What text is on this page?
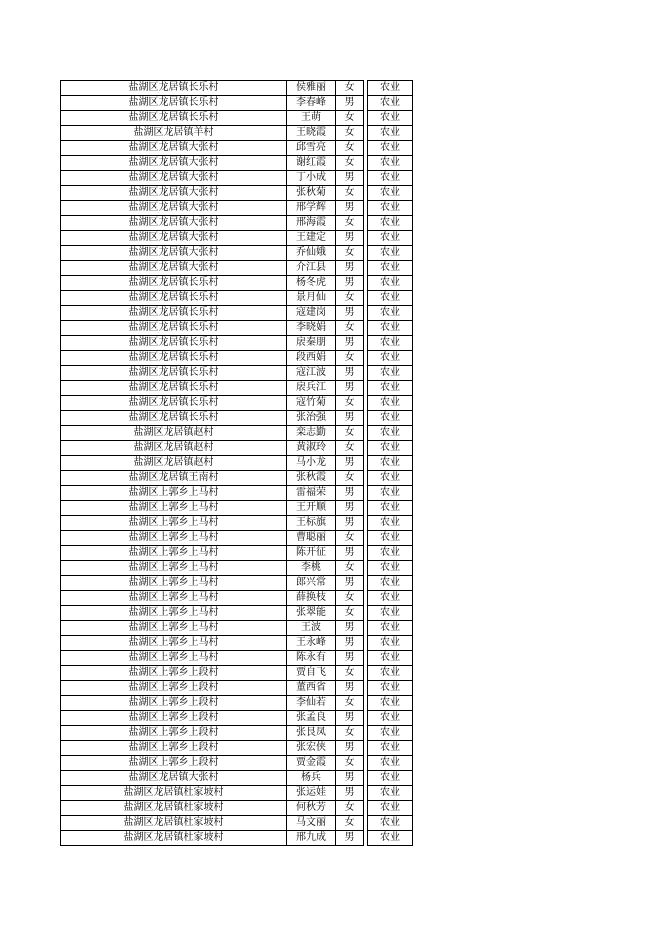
盐湖区龙居镇长乐村	侯雅丽	女		农业
盐湖区龙居镇长乐村	李春峰	男		农业
盐湖区龙居镇长乐村	王萌	女		农业
盐湖区龙居镇羊村	王晓霞	女		农业
盐湖区龙居镇大张村	邱雪亮	女		农业
盐湖区龙居镇大张村	谢红霞	女		农业
盐湖区龙居镇大张村	丁小成	男		农业
盐湖区龙居镇大张村	张秋菊	女		农业
盐湖区龙居镇大张村	邢学辉	男		农业
盐湖区龙居镇大张村	邢海霞	女		农业
盐湖区龙居镇大张村	王建定	男		农业
盐湖区龙居镇大张村	乔仙娥	女		农业
盐湖区龙居镇大张村	介江县	男		农业
盐湖区龙居镇长乐村	杨冬虎	男		农业
盐湖区龙居镇长乐村	景月仙	女		农业
盐湖区龙居镇长乐村	寇建岗	男		农业
盐湖区龙居镇长乐村	李晓娟	女		农业
盐湖区龙居镇长乐村	扆秦朋	男		农业
盐湖区龙居镇长乐村	段西娟	女		农业
盐湖区龙居镇长乐村	寇江波	男		农业
盐湖区龙居镇长乐村	扆兵江	男		农业
盐湖区龙居镇长乐村	寇竹菊	女		农业
盐湖区龙居镇长乐村	张治强	男		农业
盐湖区龙居镇赵村	栾志勤	女		农业
盐湖区龙居镇赵村	黄淑玲	女		农业
盐湖区龙居镇赵村	马小龙	男		农业
盐湖区龙居镇王南村	张秋霞	女		农业
盐湖区上郭乡上马村	雷福荣	男		农业
盐湖区上郭乡上马村	王开顺	男		农业
盐湖区上郭乡上马村	王标旗	男		农业
盐湖区上郭乡上马村	曹聪丽	女		农业
盐湖区上郭乡上马村	陈开征	男		农业
盐湖区上郭乡上马村	李桃	女		农业
盐湖区上郭乡上马村	郎兴常	男		农业
盐湖区上郭乡上马村	薛换枝	女		农业
盐湖区上郭乡上马村	张翠能	女		农业
盐湖区上郭乡上马村	王波	男		农业
盐湖区上郭乡上马村	王永峰	男		农业
盐湖区上郭乡上马村	陈永有	男		农业
盐湖区上郭乡上段村	贾自飞	女		农业
盐湖区上郭乡上段村	董西省	男		农业
盐湖区上郭乡上段村	李仙若	女		农业
盐湖区上郭乡上段村	张孟良	男		农业
盐湖区上郭乡上段村	张艮凤	女		农业
盐湖区上郭乡上段村	张宏侠	男		农业
盐湖区上郭乡上段村	贾金霞	女		农业
盐湖区龙居镇大张村	杨兵	男		农业
盐湖区龙居镇杜家坡村	张运娃	男		农业
盐湖区龙居镇杜家坡村	何秋芳	女		农业
盐湖区龙居镇杜家坡村	马文丽	女		农业
盐湖区龙居镇杜家坡村	邢九成	男		农业
